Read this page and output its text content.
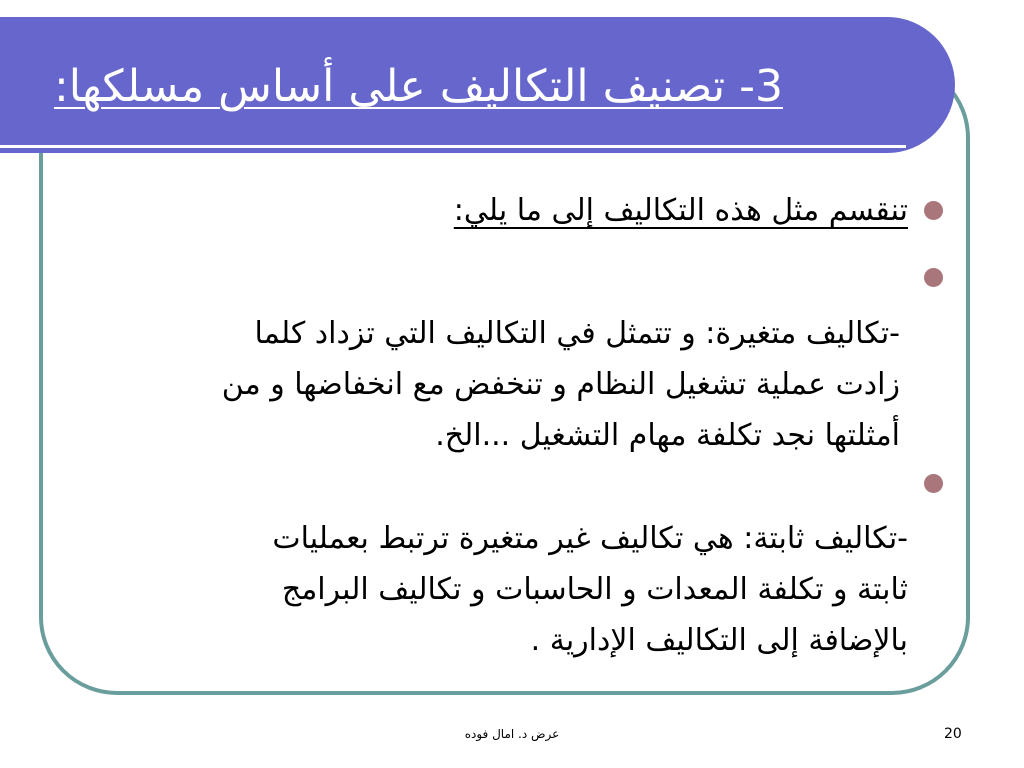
3- تصنيف التكاليف على أساس مسلكها:
تنقسم مثل هذه التكاليف إلى ما يلي:
-تكاليف متغيرة: و تتمثل في التكاليف التي تزداد كلما
زادت عملية تشغيل النظام و تنخفض مع انخفاضها و من
أمثلتها نجد تكلفة مهام التشغيل ...الخ.
-تكاليف ثابتة: هي تكاليف غير متغيرة ترتبط بعمليات
ثابتة و تكلفة المعدات و الحاسبات و تكاليف البرامج
بالإضافة إلى التكاليف الإدارية .

عرض د. امال فوده	20
